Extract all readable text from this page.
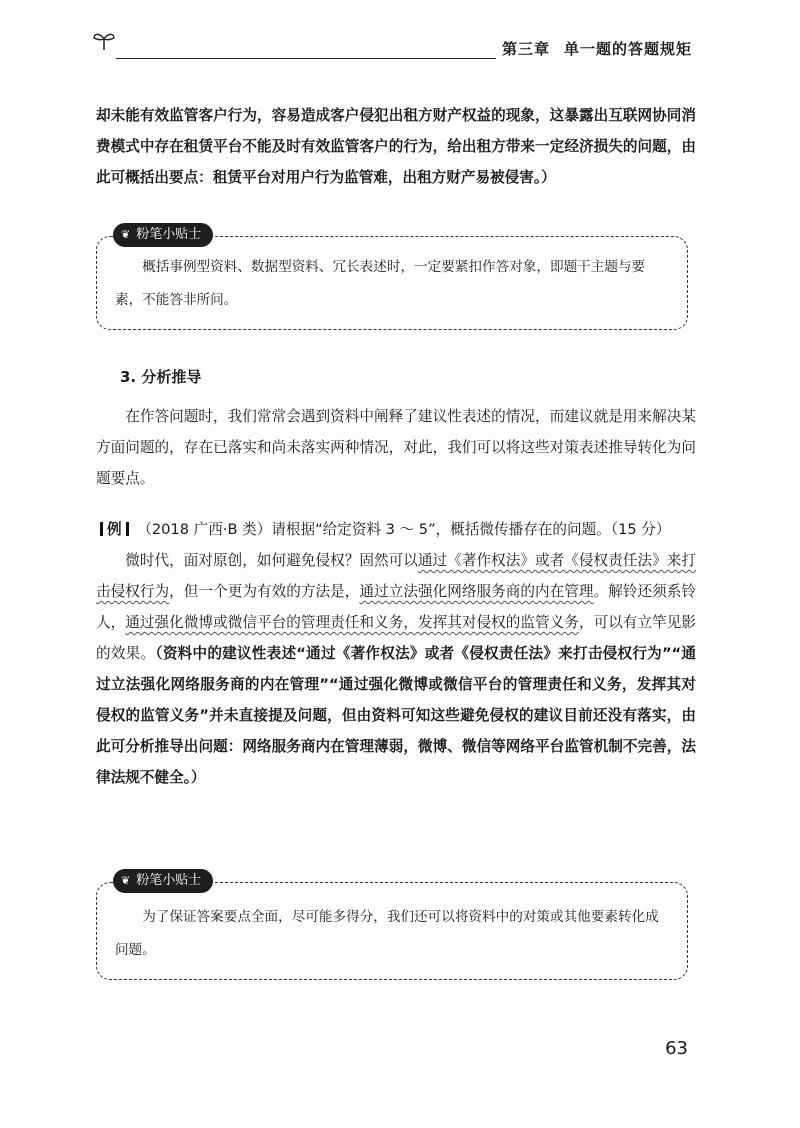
第三章 单一题的答题规矩

却未能有效监管客户行为，容易造成客户侵犯出租方财产权益的现象，这暴露出互联网协同消费模式中存在租赁平台不能及时有效监管客户的行为，给出租方带来一定经济损失的问题，由此可概括出要点：租赁平台对用户行为监管难，出租方财产易被侵害。）

❦ 粉笔小贴士

概括事例型资料、数据型资料、冗长表述时，一定要紧扣作答对象，即题干主题与要素，不能答非所问。

3. 分析推导

在作答问题时，我们常常会遇到资料中阐释了建议性表述的情况，而建议就是用来解决某方面问题的，存在已落实和尚未落实两种情况，对此，我们可以将这些对策表述推导转化为问题要点。

例 （2018 广西·B 类）请根据“给定资料 3 ～ 5”，概括微传播存在的问题。（15 分）

微时代，面对原创，如何避免侵权？固然可以通过《著作权法》或者《侵权责任法》来打击侵权行为，但一个更为有效的方法是，通过立法强化网络服务商的内在管理。解铃还须系铃人，通过强化微博或微信平台的管理责任和义务，发挥其对侵权的监管义务，可以有立竿见影的效果。（资料中的建议性表述“通过《著作权法》或者《侵权责任法》来打击侵权行为”“通过立法强化网络服务商的内在管理”“通过强化微博或微信平台的管理责任和义务，发挥其对侵权的监管义务”并未直接提及问题，但由资料可知这些避免侵权的建议目前还没有落实，由此可分析推导出问题：网络服务商内在管理薄弱，微博、微信等网络平台监管机制不完善，法律法规不健全。）

❦ 粉笔小贴士

为了保证答案要点全面，尽可能多得分，我们还可以将资料中的对策或其他要素转化成问题。

63
